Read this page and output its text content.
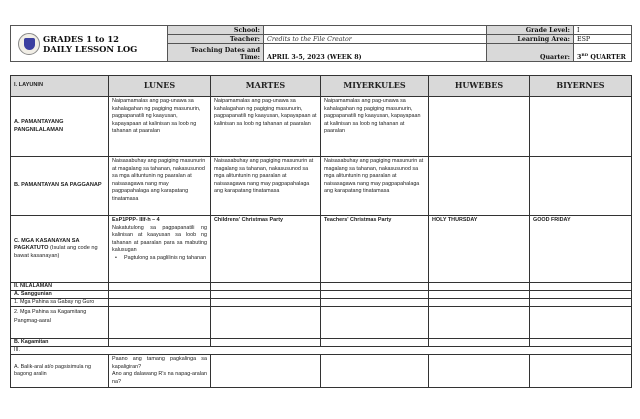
GRADES 1 to 12
DAILY LESSON LOG	School:		Grade Level:	I
	Teacher:	Credits to the File Creator	Learning Area:	ESP

	Teaching Dates and
Time:	APRIL 3-5, 2023 (WEEK 8)	Quarter:	3RD QUARTER
I. LAYUNIN	LUNES	MARTES	MIYERKULES	HUWEBES	BIYERNES
A. PAMANTAYANG PANGNILALAMAN	Naipamamalas ang pag-unawa sa kahalagahan ng pagiging masunurin, pagpapanatili ng kaayusan, kapayapaan at kalinisan sa loob ng tahanan at paaralan	Naipamamalas ang pag-unawa sa kahalagahan ng pagiging masunurin, pagpapanatili ng kaayusan, kapayapaan at kalinisan sa loob ng tahanan at paaralan	Naipamamalas ang pag-unawa sa kahalagahan ng pagiging masunurin, pagpapanatili ng kaayusan, kapayapaan at kalinisan sa loob ng tahanan at paaralan		
B. PAMANTAYAN SA PAGGANAP	Naisasabuhay ang pagiging masunurin at magalang sa tahanan, nakasusunod sa mga alituntunin ng paaralan at naisasagawa nang may pagpapahalaga ang karapatang tinatamasa	Naisasabuhay ang pagiging masunurin at magalang sa tahanan, nakasusunod sa mga alituntunin ng paaralan at naisasagawa nang may pagpapahalaga ang karapatang tinatamasa	Naisasabuhay ang pagiging masunurin at magalang sa tahanan, nakasusunod sa mga alituntunin ng paaralan at naisasagawa nang may pagpapahalaga ang karapatang tinatamasa		
C. MGA KASANAYAN SA PAGKATUTO (Isulat ang code ng bawat kasanayan)	EsP1PPP- IIIf-h – 4
Nakatutulong sa pagpapanatili ng kalinisan at kaayusan sa loob ng tahanan at paaralan para sa mabuting kalusugan
• Pagtulong sa paglilinis ng tahanan	Childrens' Christmas Party	Teachers' Christmas Party	HOLY THURSDAY	GOOD FRIDAY
II. NILALAMAN					
A. Sanggunian					
1. Mga Pahina sa Gabay ng Guro					

2. Mga Pahina sa Kagamitang
Pangmag-aaral					

B. Kagamitan					
III.					
A. Balik-aral at/o pagsisimula ng bagong aralin	Paano ang tamang pagkalinga sa kapaligiran?
Ano ang dalawang R's na napag-aralan na?				
